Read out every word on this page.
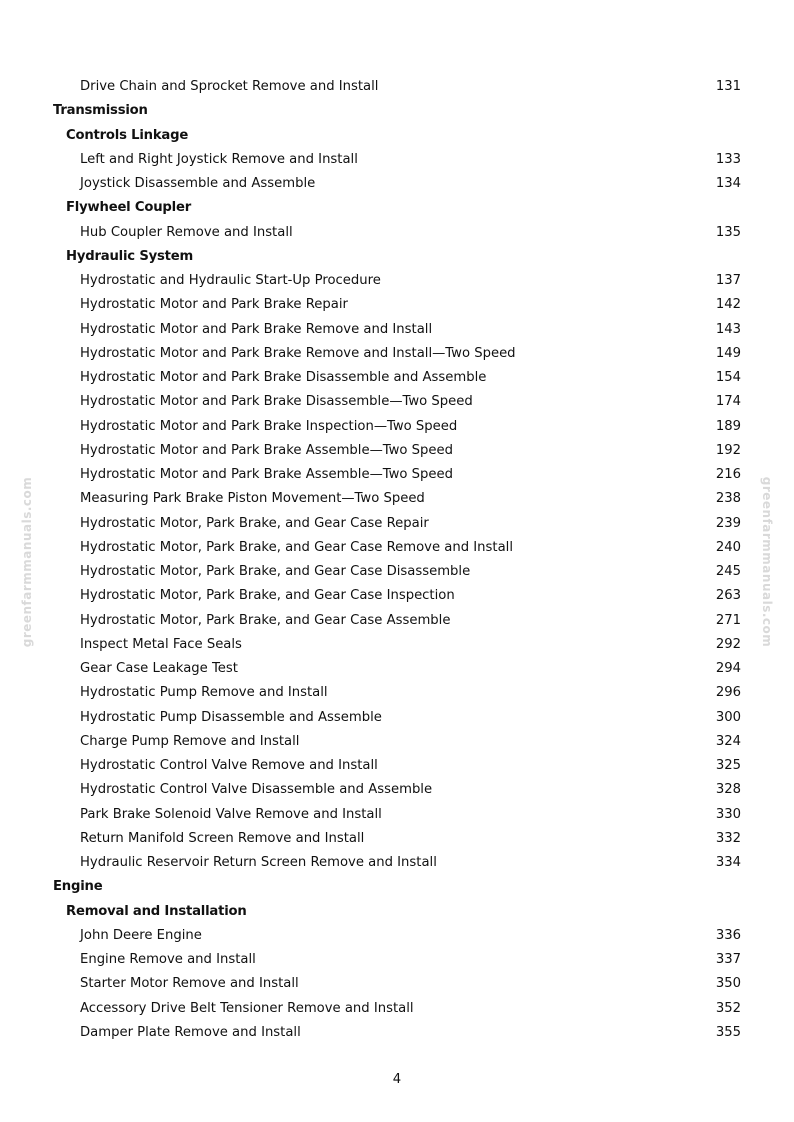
Drive Chain and Sprocket Remove and Install	131
Transmission
Controls Linkage
Left and Right Joystick Remove and Install	133
Joystick Disassemble and Assemble	134
Flywheel Coupler
Hub Coupler Remove and Install	135
Hydraulic System
Hydrostatic and Hydraulic Start-Up Procedure	137
Hydrostatic Motor and Park Brake Repair	142
Hydrostatic Motor and Park Brake Remove and Install	143
Hydrostatic Motor and Park Brake Remove and Install—Two Speed	149
Hydrostatic Motor and Park Brake Disassemble and Assemble	154
Hydrostatic Motor and Park Brake Disassemble—Two Speed	174
Hydrostatic Motor and Park Brake Inspection—Two Speed	189
Hydrostatic Motor and Park Brake Assemble—Two Speed	192
Hydrostatic Motor and Park Brake Assemble—Two Speed	216
Measuring Park Brake Piston Movement—Two Speed	238
Hydrostatic Motor, Park Brake, and Gear Case Repair	239
Hydrostatic Motor, Park Brake, and Gear Case Remove and Install	240
Hydrostatic Motor, Park Brake, and Gear Case Disassemble	245
Hydrostatic Motor, Park Brake, and Gear Case Inspection	263
Hydrostatic Motor, Park Brake, and Gear Case Assemble	271
Inspect Metal Face Seals	292
Gear Case Leakage Test	294
Hydrostatic Pump Remove and Install	296
Hydrostatic Pump Disassemble and Assemble	300
Charge Pump Remove and Install	324
Hydrostatic Control Valve Remove and Install	325
Hydrostatic Control Valve Disassemble and Assemble	328
Park Brake Solenoid Valve Remove and Install	330
Return Manifold Screen Remove and Install	332
Hydraulic Reservoir Return Screen Remove and Install	334
Engine
Removal and Installation
John Deere Engine	336
Engine Remove and Install	337
Starter Motor Remove and Install	350
Accessory Drive Belt Tensioner Remove and Install	352
Damper Plate Remove and Install	355
4
greenfarmmanuals.com	greenfarmmanuals.com
